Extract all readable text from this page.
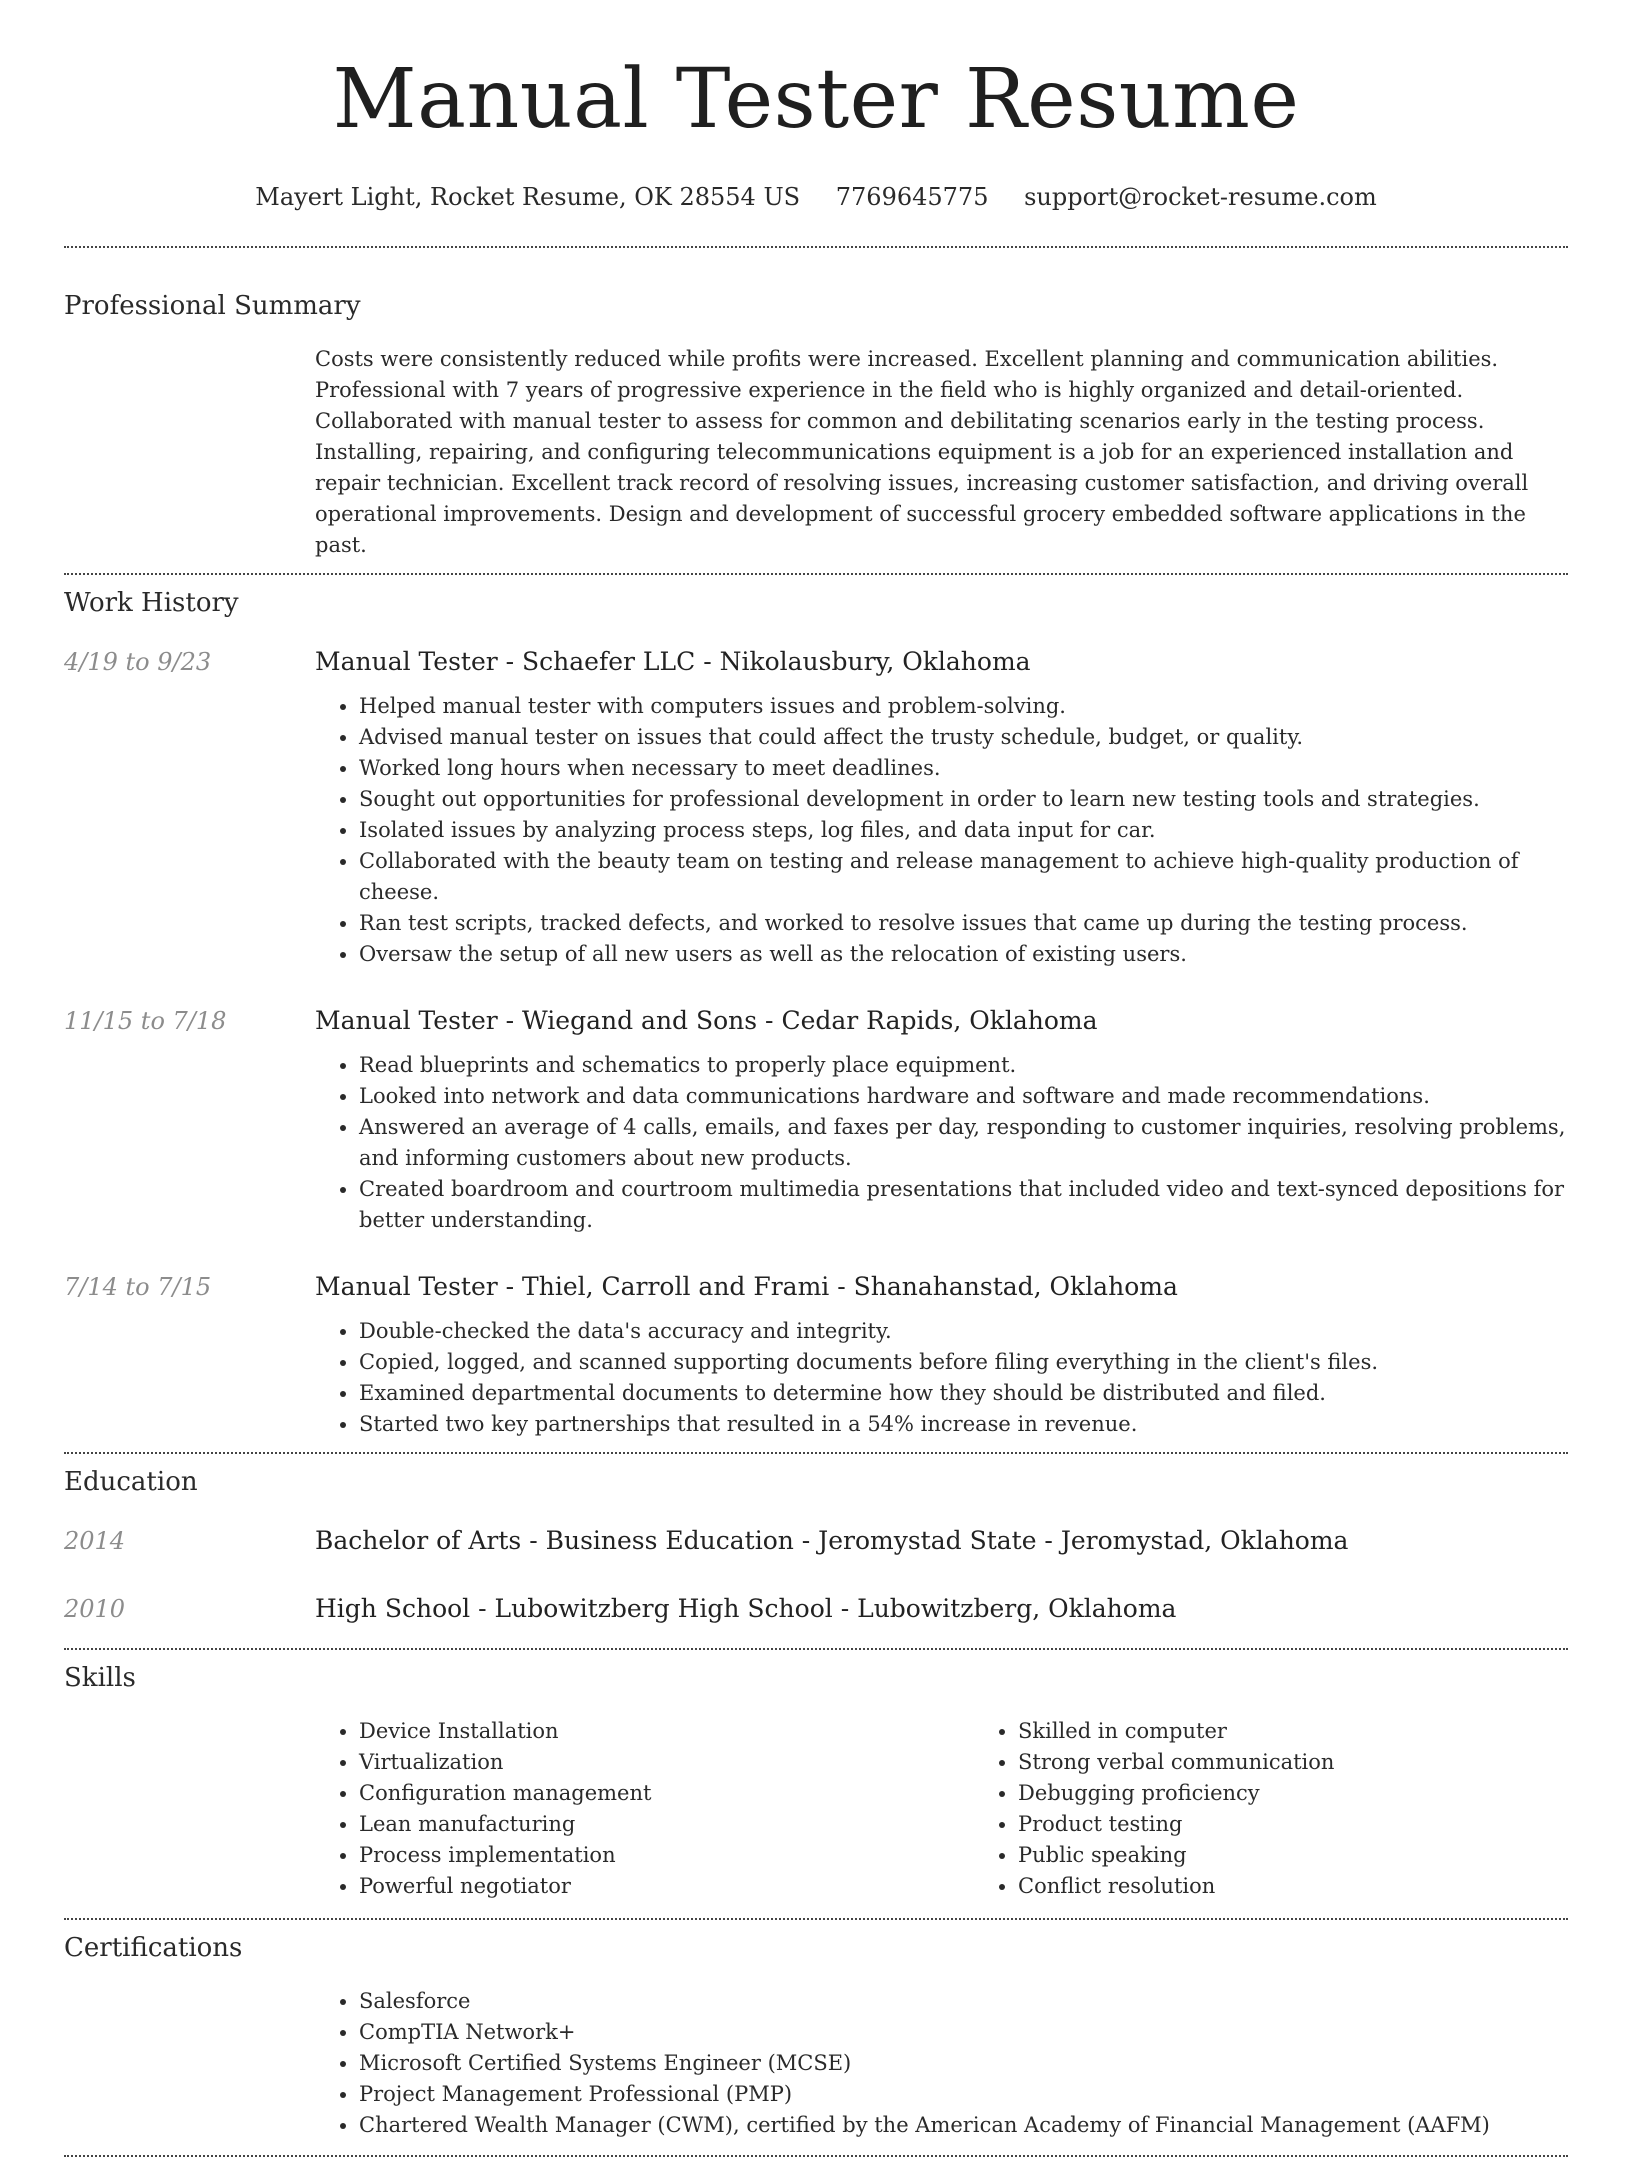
Manual Tester Resume
Mayert Light, Rocket Resume, OK 28554 US 7769645775 support@rocket-resume.com
Professional Summary

Costs were consistently reduced while profits were increased. Excellent planning and communication abilities. Professional with 7 years of progressive experience in the field who is highly organized and detail-oriented. Collaborated with manual tester to assess for common and debilitating scenarios early in the testing process. Installing, repairing, and configuring telecommunications equipment is a job for an experienced installation and repair technician. Excellent track record of resolving issues, increasing customer satisfaction, and driving overall operational improvements. Design and development of successful grocery embedded software applications in the past.

Work History
4/19 to 9/23	Manual Tester - Schaefer LLC - Nikolausbury, Oklahoma
• Helped manual tester with computers issues and problem-solving.
• Advised manual tester on issues that could affect the trusty schedule, budget, or quality.
• Worked long hours when necessary to meet deadlines.
• Sought out opportunities for professional development in order to learn new testing tools and strategies.
• Isolated issues by analyzing process steps, log files, and data input for car.
• Collaborated with the beauty team on testing and release management to achieve high-quality production of cheese.
• Ran test scripts, tracked defects, and worked to resolve issues that came up during the testing process.
• Oversaw the setup of all new users as well as the relocation of existing users.
11/15 to 7/18	Manual Tester - Wiegand and Sons - Cedar Rapids, Oklahoma
• Read blueprints and schematics to properly place equipment.
• Looked into network and data communications hardware and software and made recommendations.
• Answered an average of 4 calls, emails, and faxes per day, responding to customer inquiries, resolving problems, and informing customers about new products.
• Created boardroom and courtroom multimedia presentations that included video and text-synced depositions for better understanding.
7/14 to 7/15	Manual Tester - Thiel, Carroll and Frami - Shanahanstad, Oklahoma
• Double-checked the data's accuracy and integrity.
• Copied, logged, and scanned supporting documents before filing everything in the client's files.
• Examined departmental documents to determine how they should be distributed and filed.
• Started two key partnerships that resulted in a 54% increase in revenue.
Education
2014	Bachelor of Arts - Business Education - Jeromystad State - Jeromystad, Oklahoma
2010	High School - Lubowitzberg High School - Lubowitzberg, Oklahoma
Skills
• Device Installation
• Virtualization
• Configuration management
• Lean manufacturing
• Process implementation
• Powerful negotiator
• Skilled in computer
• Strong verbal communication
• Debugging proficiency
• Product testing
• Public speaking
• Conflict resolution
Certifications
• Salesforce
• CompTIA Network+
• Microsoft Certified Systems Engineer (MCSE)
• Project Management Professional (PMP)
• Chartered Wealth Manager (CWM), certified by the American Academy of Financial Management (AAFM)
